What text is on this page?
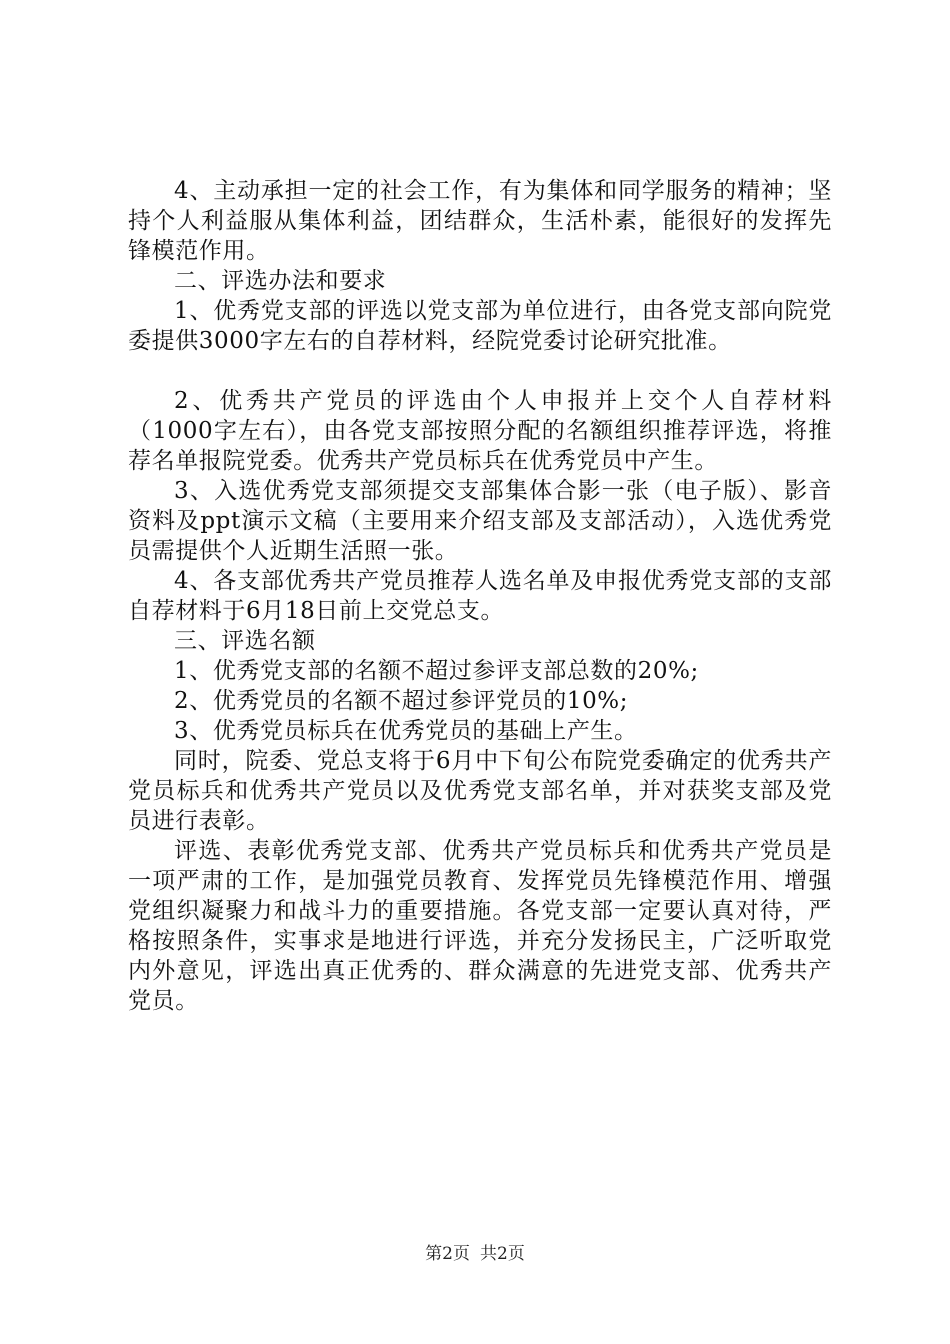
4、主动承担一定的社会工作，有为集体和同学服务的精神；坚持个人利益服从集体利益，团结群众，生活朴素，能很好的发挥先锋模范作用。

二、评选办法和要求

1、优秀党支部的评选以党支部为单位进行，由各党支部向院党委提供3000字左右的自荐材料，经院党委讨论研究批准。

2、优秀共产党员的评选由个人申报并上交个人自荐材料（1000字左右），由各党支部按照分配的名额组织推荐评选，将推荐名单报院党委。优秀共产党员标兵在优秀党员中产生。

3、入选优秀党支部须提交支部集体合影一张（电子版）、影音资料及ppt演示文稿（主要用来介绍支部及支部活动），入选优秀党员需提供个人近期生活照一张。

4、各支部优秀共产党员推荐人选名单及申报优秀党支部的支部自荐材料于6月18日前上交党总支。

三、评选名额

1、优秀党支部的名额不超过参评支部总数的20%;

2、优秀党员的名额不超过参评党员的10%;

3、优秀党员标兵在优秀党员的基础上产生。

同时，院委、党总支将于6月中下旬公布院党委确定的优秀共产党员标兵和优秀共产党员以及优秀党支部名单，并对获奖支部及党员进行表彰。

评选、表彰优秀党支部、优秀共产党员标兵和优秀共产党员是一项严肃的工作，是加强党员教育、发挥党员先锋模范作用、增强党组织凝聚力和战斗力的重要措施。各党支部一定要认真对待，严格按照条件，实事求是地进行评选，并充分发扬民主，广泛听取党内外意见，评选出真正优秀的、群众满意的先进党支部、优秀共产党员。

第2页 共2页
